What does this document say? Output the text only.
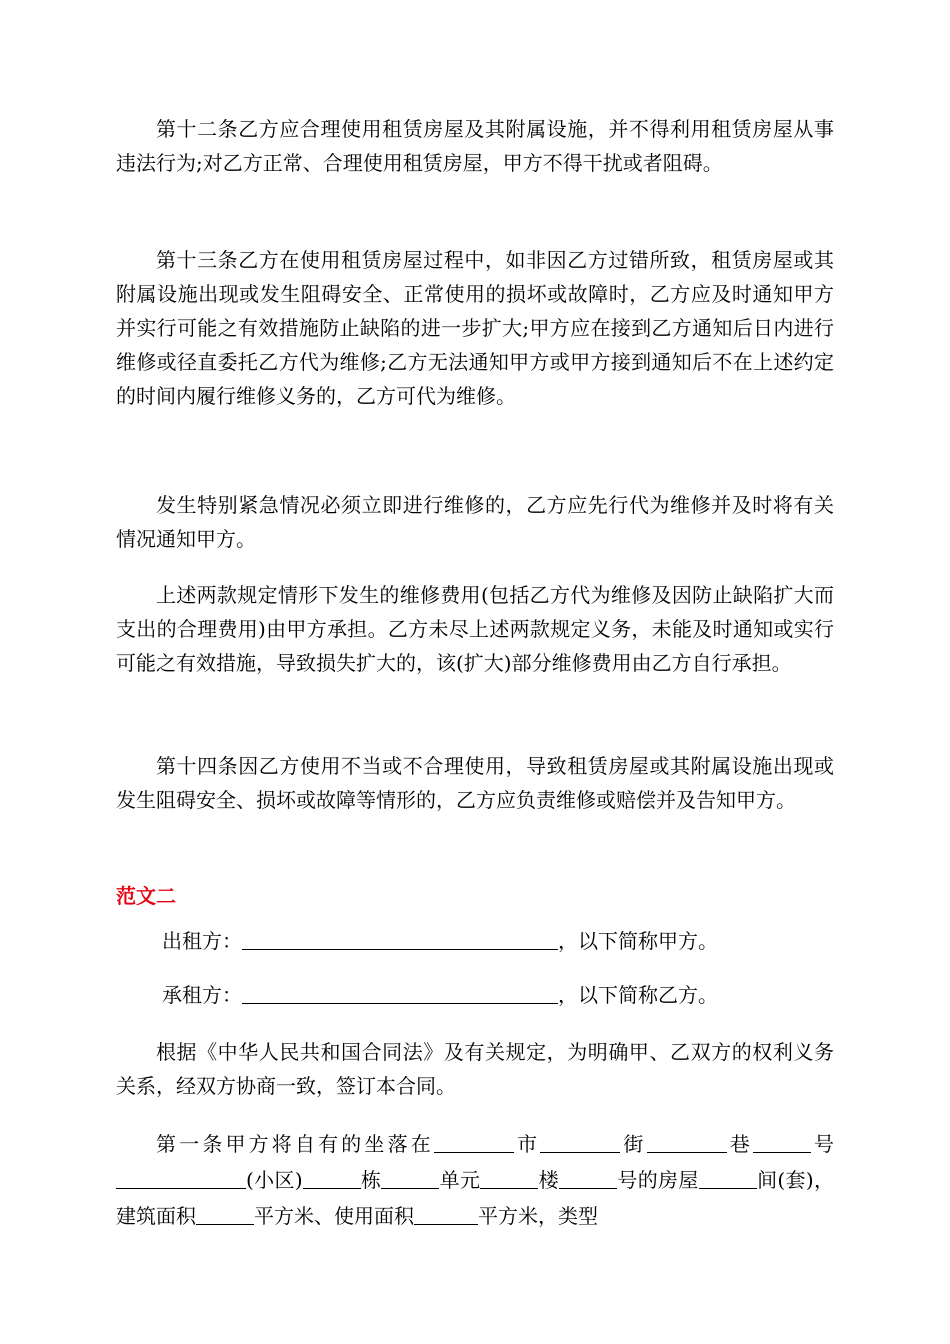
第十二条乙方应合理使用租赁房屋及其附属设施，并不得利用租赁房屋从事违法行为;对乙方正常、合理使用租赁房屋，甲方不得干扰或者阻碍。

第十三条乙方在使用租赁房屋过程中，如非因乙方过错所致，租赁房屋或其附属设施出现或发生阻碍安全、正常使用的损坏或故障时，乙方应及时通知甲方并实行可能之有效措施防止缺陷的进一步扩大;甲方应在接到乙方通知后日内进行维修或径直委托乙方代为维修;乙方无法通知甲方或甲方接到通知后不在上述约定的时间内履行维修义务的，乙方可代为维修。

发生特别紧急情况必须立即进行维修的，乙方应先行代为维修并及时将有关情况通知甲方。

上述两款规定情形下发生的维修费用(包括乙方代为维修及因防止缺陷扩大而支出的合理费用)由甲方承担。乙方未尽上述两款规定义务，未能及时通知或实行可能之有效措施，导致损失扩大的，该(扩大)部分维修费用由乙方自行承担。

第十四条因乙方使用不当或不合理使用，导致租赁房屋或其附属设施出现或发生阻碍安全、损坏或故障等情形的，乙方应负责维修或赔偿并及告知甲方。

范文二
出租方：	，以下简称甲方。
承租方：	，以下简称乙方。

根据《中华人民共和国合同法》及有关规定，为明确甲、乙双方的权利义务关系，经双方协商一致，签订本合同。

第一条甲方将自有的坐落在	市	街	巷	号(小区)	栋	单元	楼	号的房屋	间(套)，建筑面积	平方米、使用面积	平方米，类型
